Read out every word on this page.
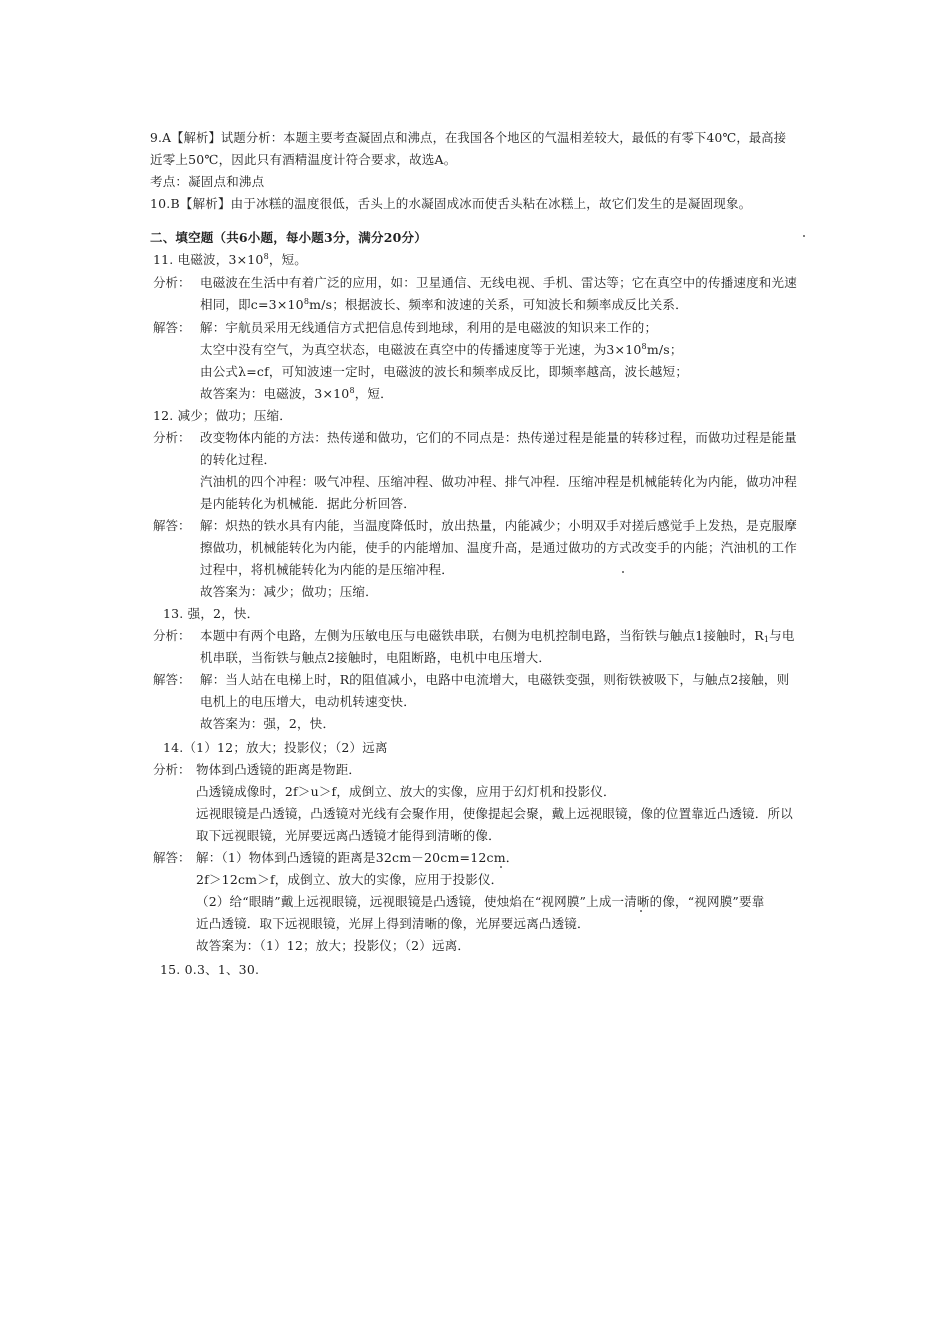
9.A【解析】试题分析：本题主要考查凝固点和沸点，在我国各个地区的气温相差较大，最低的有零下40℃，最高接
近零上50℃，因此只有酒精温度计符合要求，故选A。
考点：凝固点和沸点
10.B【解析】由于冰糕的温度很低，舌头上的水凝固成冰而使舌头粘在冰糕上，故它们发生的是凝固现象。
二、填空题（共6小题，每小题3分，满分20分）
11. 电磁波，$3\times 10^8$，短。
分析： 电磁波在生活中有着广泛的应用，如：卫星通信、无线电视、手机、雷达等；它在真空中的传播速度和光速
相同，即$c=3\times 10^8m/s$；根据波长、频率和波速的关系，可知波长和频率成反比关系．
解答： 解：宇航员采用无线通信方式把信息传到地球，利用的是电磁波的知识来工作的；
太空中没有空气，为真空状态，电磁波在真空中的传播速度等于光速，为$3\times 10^8m/s$；
由公式λ=cf，可知波速一定时，电磁波的波长和频率成反比，即频率越高，波长越短；
故答案为：电磁波，$3\times 10^8$，短．
12. 减少；做功；压缩．
分析： 改变物体内能的方法：热传递和做功，它们的不同点是：热传递过程是能量的转移过程，而做功过程是能量
的转化过程．
汽油机的四个冲程：吸气冲程、压缩冲程、做功冲程、排气冲程．压缩冲程是机械能转化为内能，做功冲程
是内能转化为机械能．据此分析回答．
解答： 解：炽热的铁水具有内能，当温度降低时，放出热量，内能减少；小明双手对搓后感觉手上发热，是克服摩
擦做功，机械能转化为内能，使手的内能增加、温度升高，是通过做功的方式改变手的内能；汽油机的工作
过程中，将机械能转化为内能的是压缩冲程．
故答案为：减少；做功；压缩．
13. 强，2，快．
分析： 本题中有两个电路，左侧为压敏电压与电磁铁串联，右侧为电机控制电路，当衔铁与触点1接触时，$R_1$与电
机串联，当衔铁与触点2接触时，电阻断路，电机中电压增大．
解答： 解：当人站在电梯上时，R的阻值减小，电路中电流增大，电磁铁变强，则衔铁被吸下，与触点2接触，则
电机上的电压增大，电动机转速变快．
故答案为：强，2，快．
14.（1）12；放大；投影仪；（2）远离
分析： 物体到凸透镜的距离是物距．
凸透镜成像时，2f＞u＞f，成倒立、放大的实像，应用于幻灯机和投影仪．
远视眼镜是凸透镜，凸透镜对光线有会聚作用，使像提起会聚，戴上远视眼镜，像的位置靠近凸透镜．所以
取下远视眼镜，光屏要远离凸透镜才能得到清晰的像．
解答： 解：（1）物体到凸透镜的距离是32cm－20cm=12cm．
2f＞12cm＞f，成倒立、放大的实像，应用于投影仪．
（2）给“眼睛”戴上远视眼镜，远视眼镜是凸透镜，使烛焰在“视网膜”上成一清晰的像，“视网膜”要靠
近凸透镜．取下远视眼镜，光屏上得到清晰的像，光屏要远离凸透镜．
故答案为：（1）12；放大；投影仪；（2）远离．
15. 0.3、1、30.
